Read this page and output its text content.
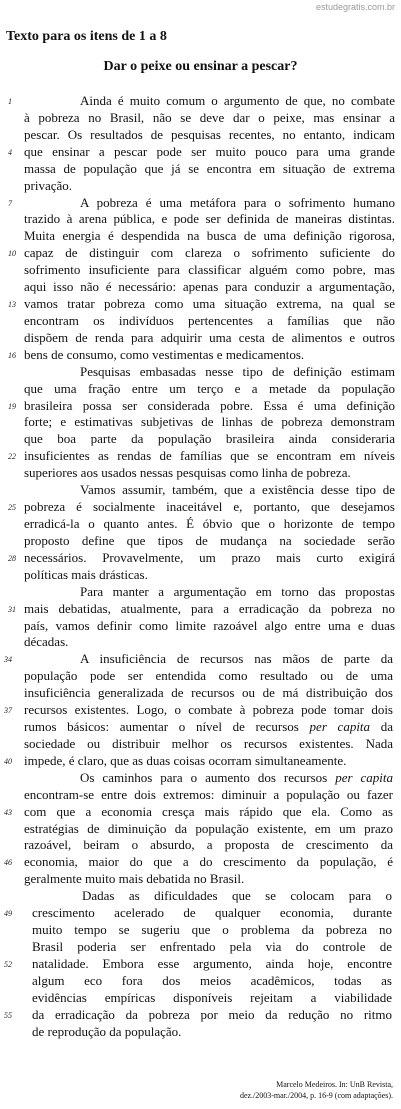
estudegratis.com.br
Texto para os itens de 1 a 8
Dar o peixe ou ensinar a pescar?
Ainda é muito comum o argumento de que, no combate
à pobreza no Brasil, não se deve dar o peixe, mas ensinar a
pescar. Os resultados de pesquisas recentes, no entanto, indicam
que ensinar a pescar pode ser muito pouco para uma grande
massa de população que já se encontra em situação de extrema
privação.
A pobreza é uma metáfora para o sofrimento humano
trazido à arena pública, e pode ser definida de maneiras distintas.
Muita energia é despendida na busca de uma definição rigorosa,
capaz de distinguir com clareza o sofrimento suficiente do
sofrimento insuficiente para classificar alguém como pobre, mas
aqui isso não é necessário: apenas para conduzir a argumentação,
vamos tratar pobreza como uma situação extrema, na qual se
encontram os indivíduos pertencentes a famílias que não
dispõem de renda para adquirir uma cesta de alimentos e outros
bens de consumo, como vestimentas e medicamentos.
Pesquisas embasadas nesse tipo de definição estimam
que uma fração entre um terço e a metade da população
brasileira possa ser considerada pobre. Essa é uma definição
forte; e estimativas subjetivas de linhas de pobreza demonstram
que boa parte da população brasileira ainda consideraria
insuficientes as rendas de famílias que se encontram em níveis
superiores aos usados nessas pesquisas como linha de pobreza.
Vamos assumir, também, que a existência desse tipo de
pobreza é socialmente inaceitável e, portanto, que desejamos
erradicá-la o quanto antes. É óbvio que o horizonte de tempo
proposto define que tipos de mudança na sociedade serão
necessários. Provavelmente, um prazo mais curto exigirá
políticas mais drásticas.
Para manter a argumentação em torno das propostas
mais debatidas, atualmente, para a erradicação da pobreza no
país, vamos definir como limite razoável algo entre uma e duas
décadas.
A insuficiência de recursos nas mãos de parte da
população pode ser entendida como resultado ou de uma
insuficiência generalizada de recursos ou de má distribuição dos
recursos existentes. Logo, o combate à pobreza pode tomar dois
rumos básicos: aumentar o nível de recursos per capita da
sociedade ou distribuir melhor os recursos existentes. Nada
impede, é claro, que as duas coisas ocorram simultaneamente.
Os caminhos para o aumento dos recursos per capita
encontram-se entre dois extremos: diminuir a população ou fazer
com que a economia cresça mais rápido que ela. Como as
estratégias de diminuição da população existente, em um prazo
razoável, beiram o absurdo, a proposta de crescimento da
economia, maior do que a do crescimento da população, é
geralmente muito mais debatida no Brasil.
Dadas as dificuldades que se colocam para o
crescimento acelerado de qualquer economia, durante
muito tempo se sugeriu que o problema da pobreza no
Brasil poderia ser enfrentado pela via do controle de
natalidade. Embora esse argumento, ainda hoje, encontre
algum eco fora dos meios acadêmicos, todas as
evidências empíricas disponíveis rejeitam a viabilidade
da erradicação da pobreza por meio da redução no ritmo
de reprodução da população.
1
4
7
10
13
16
19
22
25
28
31
34
37
40
43
46
49
52
55
Marcelo Medeiros. In: UnB Revista,
dez./2003-mar./2004, p. 16-9 (com adaptações).
